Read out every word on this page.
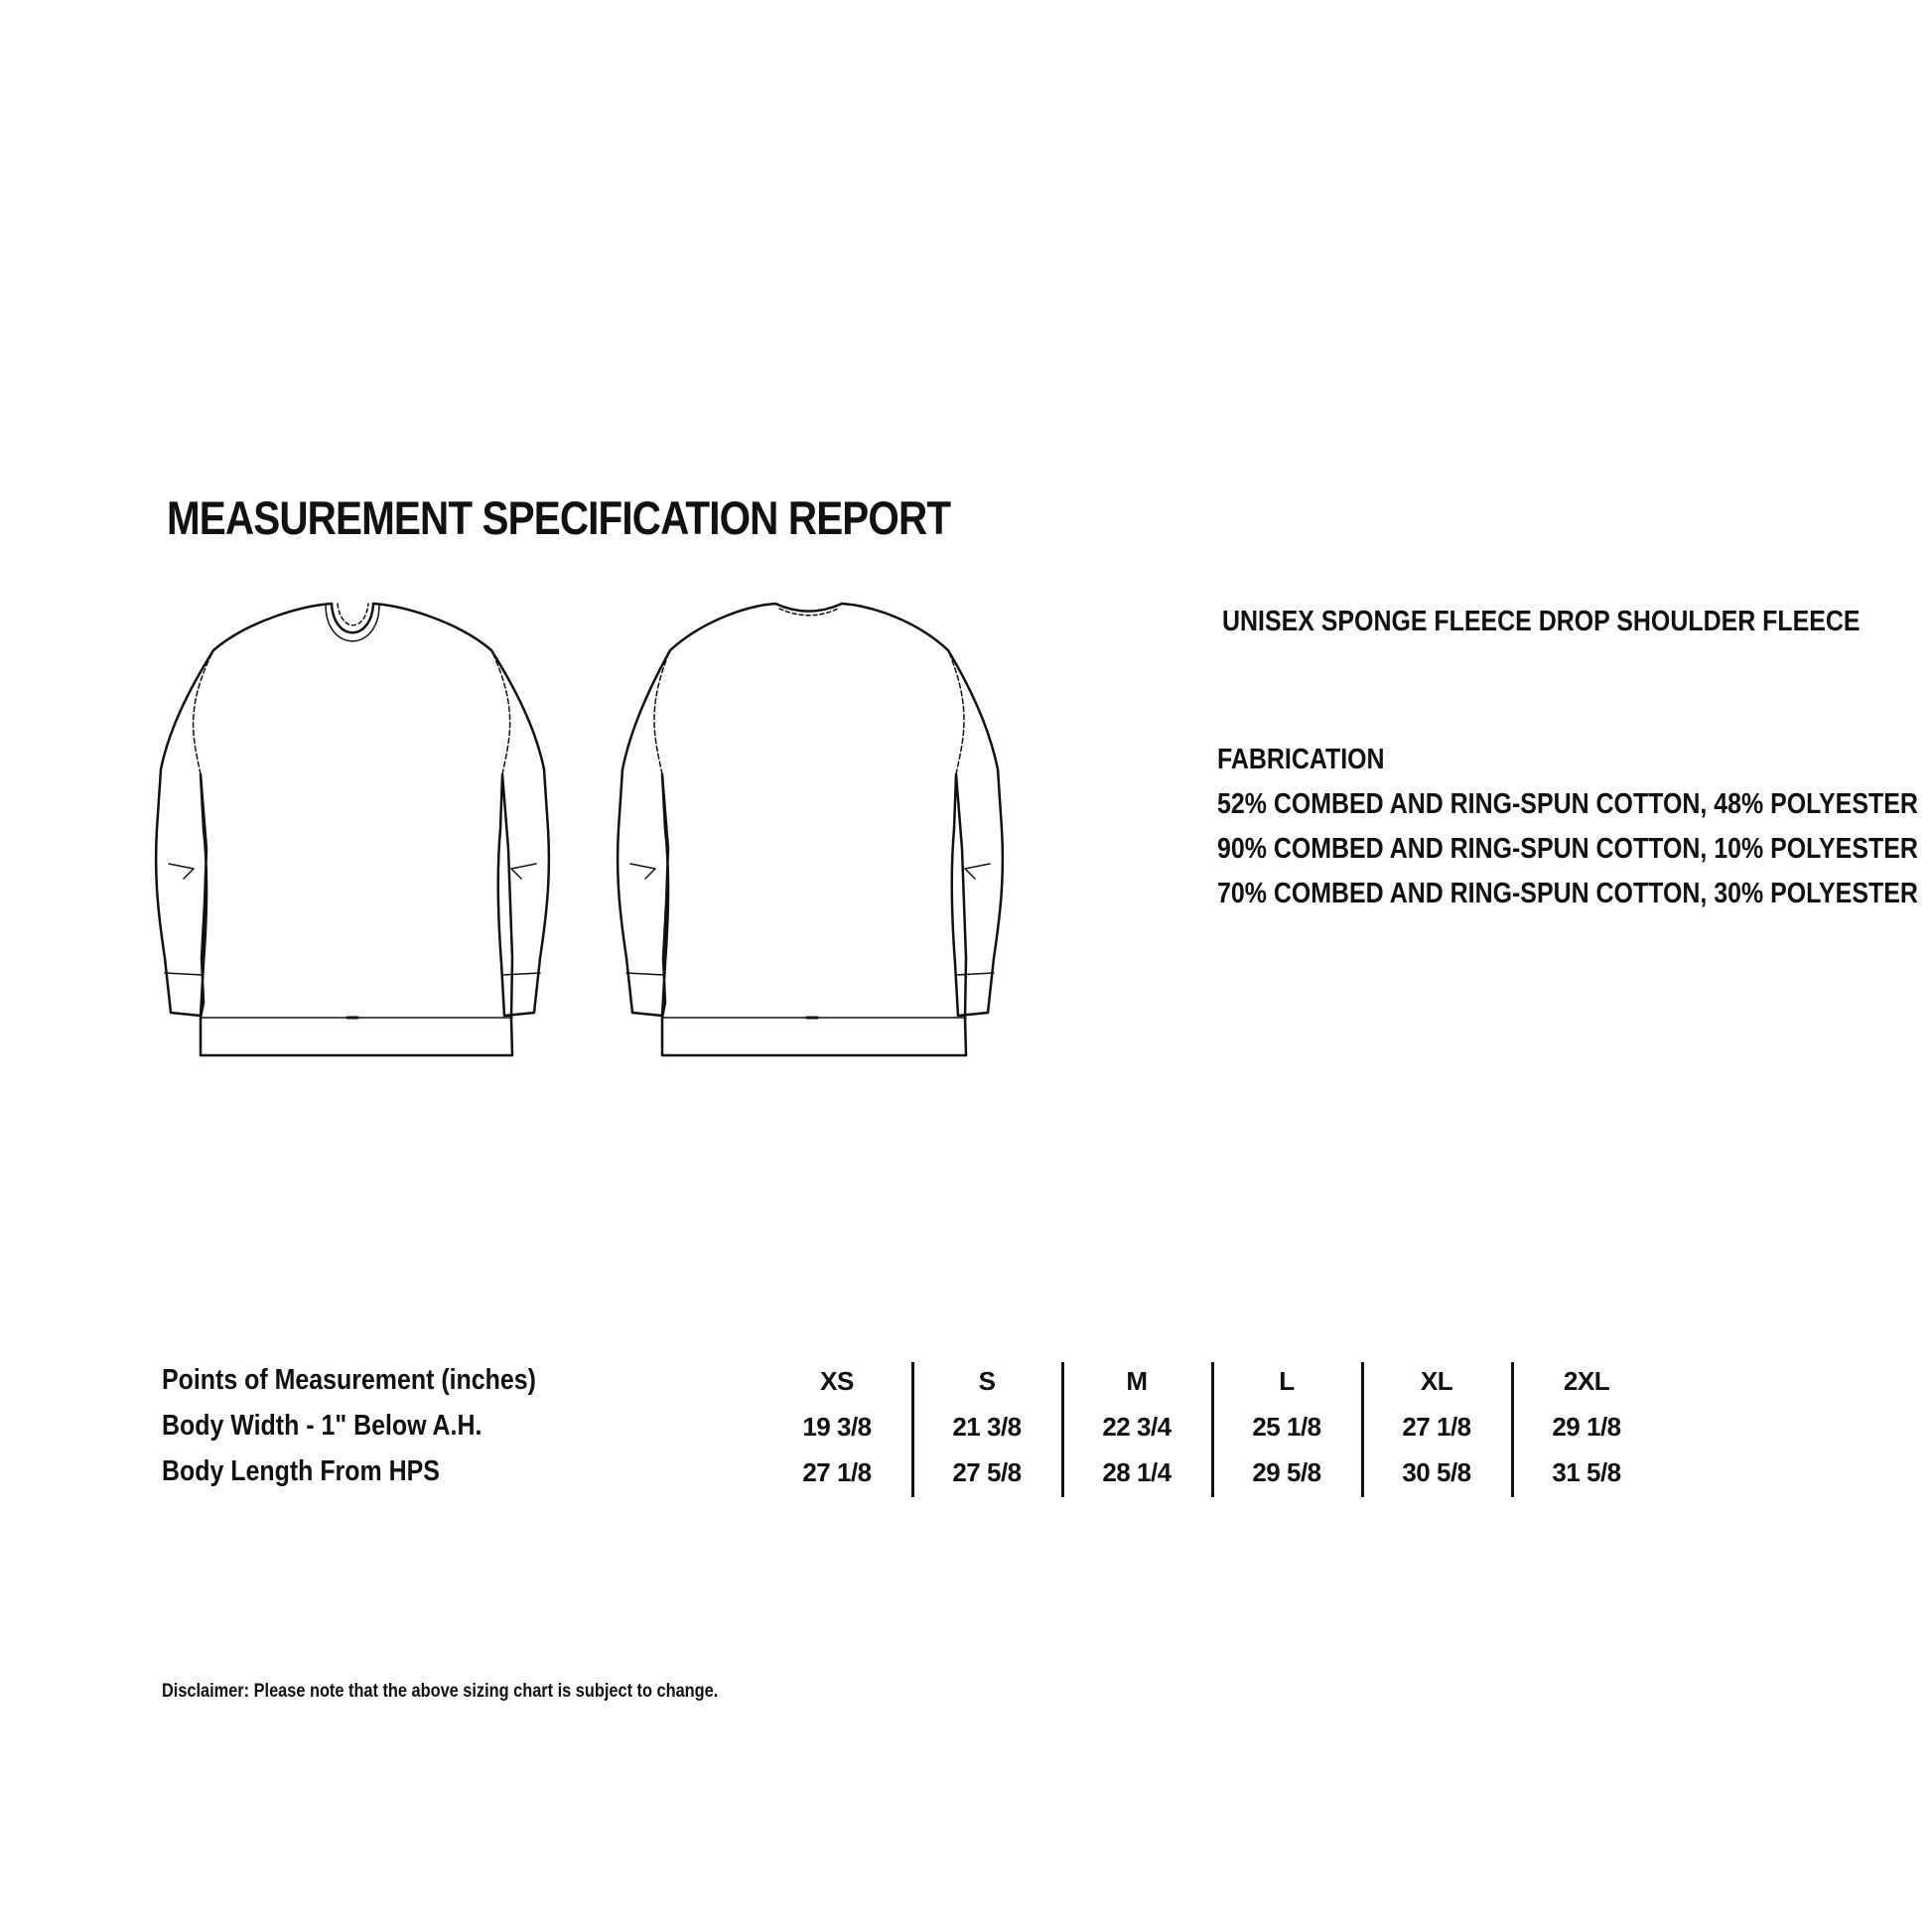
MEASUREMENT SPECIFICATION REPORT
UNISEX SPONGE FLEECE DROP SHOULDER FLEECE
FABRICATION
52% COMBED AND RING-SPUN COTTON, 48% POLYESTER
90% COMBED AND RING-SPUN COTTON, 10% POLYESTER
70% COMBED AND RING-SPUN COTTON, 30% POLYESTER
Points of Measurement (inches)	XS	S	M	L	XL	2XL
Body Width - 1" Below A.H.	19 3/8	21 3/8	22 3/4	25 1/8	27 1/8	29 1/8
Body Length From HPS	27 1/8	27 5/8	28 1/4	29 5/8	30 5/8	31 5/8
Disclaimer: Please note that the above sizing chart is subject to change.
